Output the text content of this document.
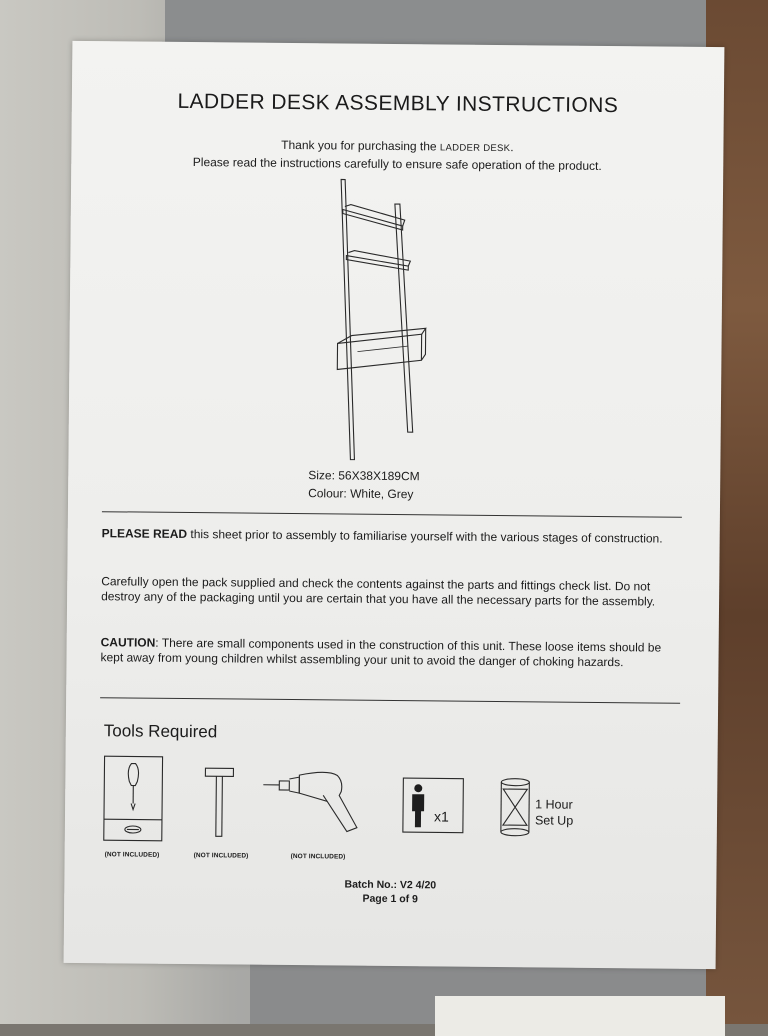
LADDER DESK ASSEMBLY INSTRUCTIONS
Thank you for purchasing the LADDER DESK.
Please read the instructions carefully to ensure safe operation of the product.
Size: 56X38X189CM
Colour: White, Grey
PLEASE READ this sheet prior to assembly to familiarise yourself with the various stages of construction.
Carefully open the pack supplied and check the contents against the parts and fittings check list. Do not destroy any of the packaging until you are certain that you have all the necessary parts for the assembly.
CAUTION: There are small components used in the construction of this unit. These loose items should be kept away from young children whilst assembling your unit to avoid the danger of choking hazards.
Tools Required
(NOT INCLUDED)	(NOT INCLUDED)	(NOT INCLUDED)
x1
1 Hour
Set Up
Batch No.: V2 4/20
Page 1 of 9
